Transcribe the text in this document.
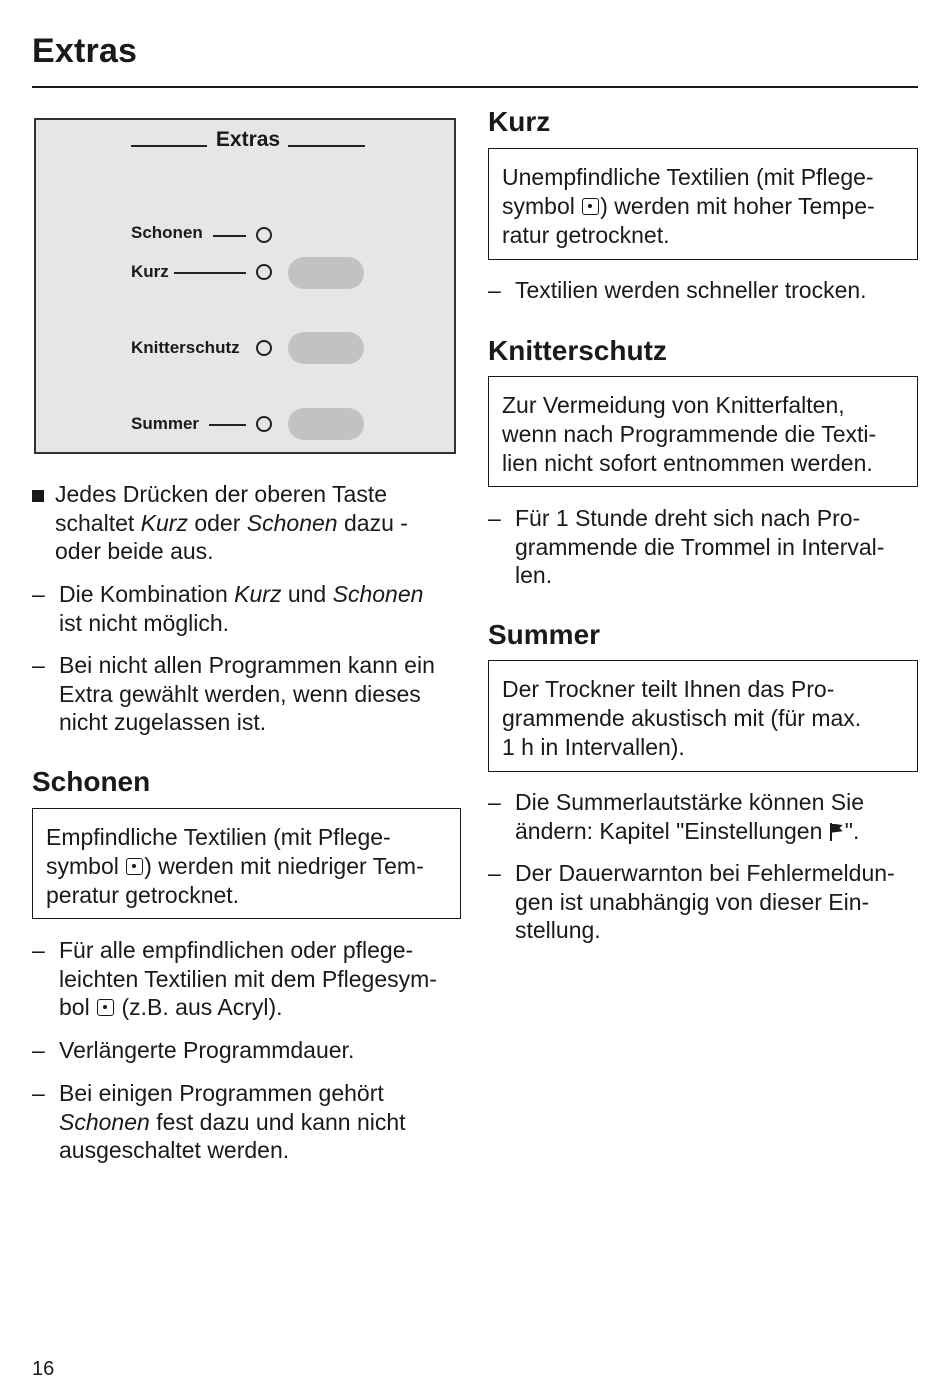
Extras
Extras
Schonen
Kurz
Knitterschutz
Summer
Jedes Drücken der oberen Taste
schaltet Kurz oder Schonen dazu -
oder beide aus.
– Die Kombination Kurz und Schonen
ist nicht möglich.
– Bei nicht allen Programmen kann ein
Extra gewählt werden, wenn dieses
nicht zugelassen ist.
Schonen
Empfindliche Textilien (mit Pflege-
symbol ) werden mit niedriger Tem-
peratur getrocknet.
– Für alle empfindlichen oder pflege-
leichten Textilien mit dem Pflegesym-
bol  (z.B. aus Acryl).
– Verlängerte Programmdauer.
– Bei einigen Programmen gehört
Schonen fest dazu und kann nicht
ausgeschaltet werden.
Kurz
Unempfindliche Textilien (mit Pflege-
symbol ) werden mit hoher Tempe-
ratur getrocknet.
– Textilien werden schneller trocken.
Knitterschutz
Zur Vermeidung von Knitterfalten,
wenn nach Programmende die Texti-
lien nicht sofort entnommen werden.
– Für 1 Stunde dreht sich nach Pro-
grammende die Trommel in Interval-
len.
Summer
Der Trockner teilt Ihnen das Pro-
grammende akustisch mit (für max.
1 h in Intervallen).
– Die Summerlautstärke können Sie
ändern: Kapitel "Einstellungen ".
– Der Dauerwarnton bei Fehlermeldun-
gen ist unabhängig von dieser Ein-
stellung.
16
